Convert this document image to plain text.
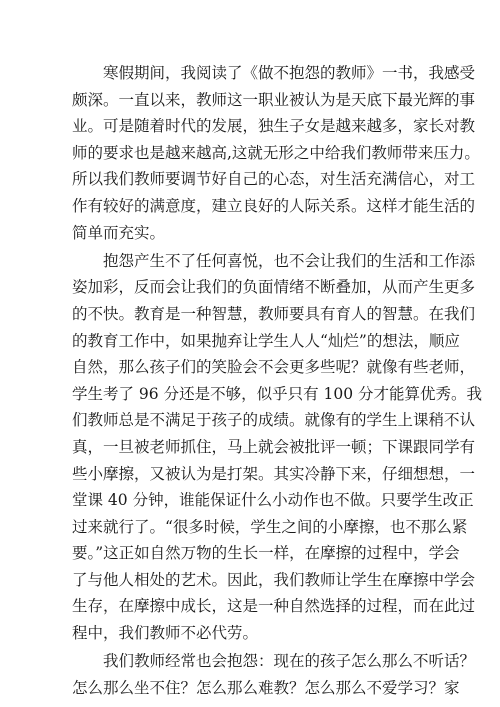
　　寒假期间，我阅读了《做不抱怨的教师》一书，我感受
颇深。一直以来，教师这一职业被认为是天底下最光辉的事
业。可是随着时代的发展，独生子女是越来越多，家长对教
师的要求也是越来越高,这就无形之中给我们教师带来压力。
所以我们教师要调节好自己的心态，对生活充满信心，对工
作有较好的满意度，建立良好的人际关系。这样才能生活的
简单而充实。
　　抱怨产生不了任何喜悦，也不会让我们的生活和工作添
姿加彩，反而会让我们的负面情绪不断叠加，从而产生更多
的不快。教育是一种智慧，教师要具有育人的智慧。在我们
的教育工作中，如果抛弃让学生人人“灿烂”的想法，顺应
自然，那么孩子们的笑脸会不会更多些呢？就像有些老师，
学生考了 96 分还是不够，似乎只有 100 分才能算优秀。我
们教师总是不满足于孩子的成绩。就像有的学生上课稍不认
真，一旦被老师抓住，马上就会被批评一顿；下课跟同学有
些小摩擦，又被认为是打架。其实冷静下来，仔细想想，一
堂课 40 分钟，谁能保证什么小动作也不做。只要学生改正
过来就行了。“很多时候，学生之间的小摩擦，也不那么紧
要。”这正如自然万物的生长一样，在摩擦的过程中，学会
了与他人相处的艺术。因此，我们教师让学生在摩擦中学会
生存，在摩擦中成长，这是一种自然选择的过程，而在此过
程中，我们教师不必代劳。
　　我们教师经常也会抱怨：现在的孩子怎么那么不听话？
怎么那么坐不住？怎么那么难教？怎么那么不爱学习？家
